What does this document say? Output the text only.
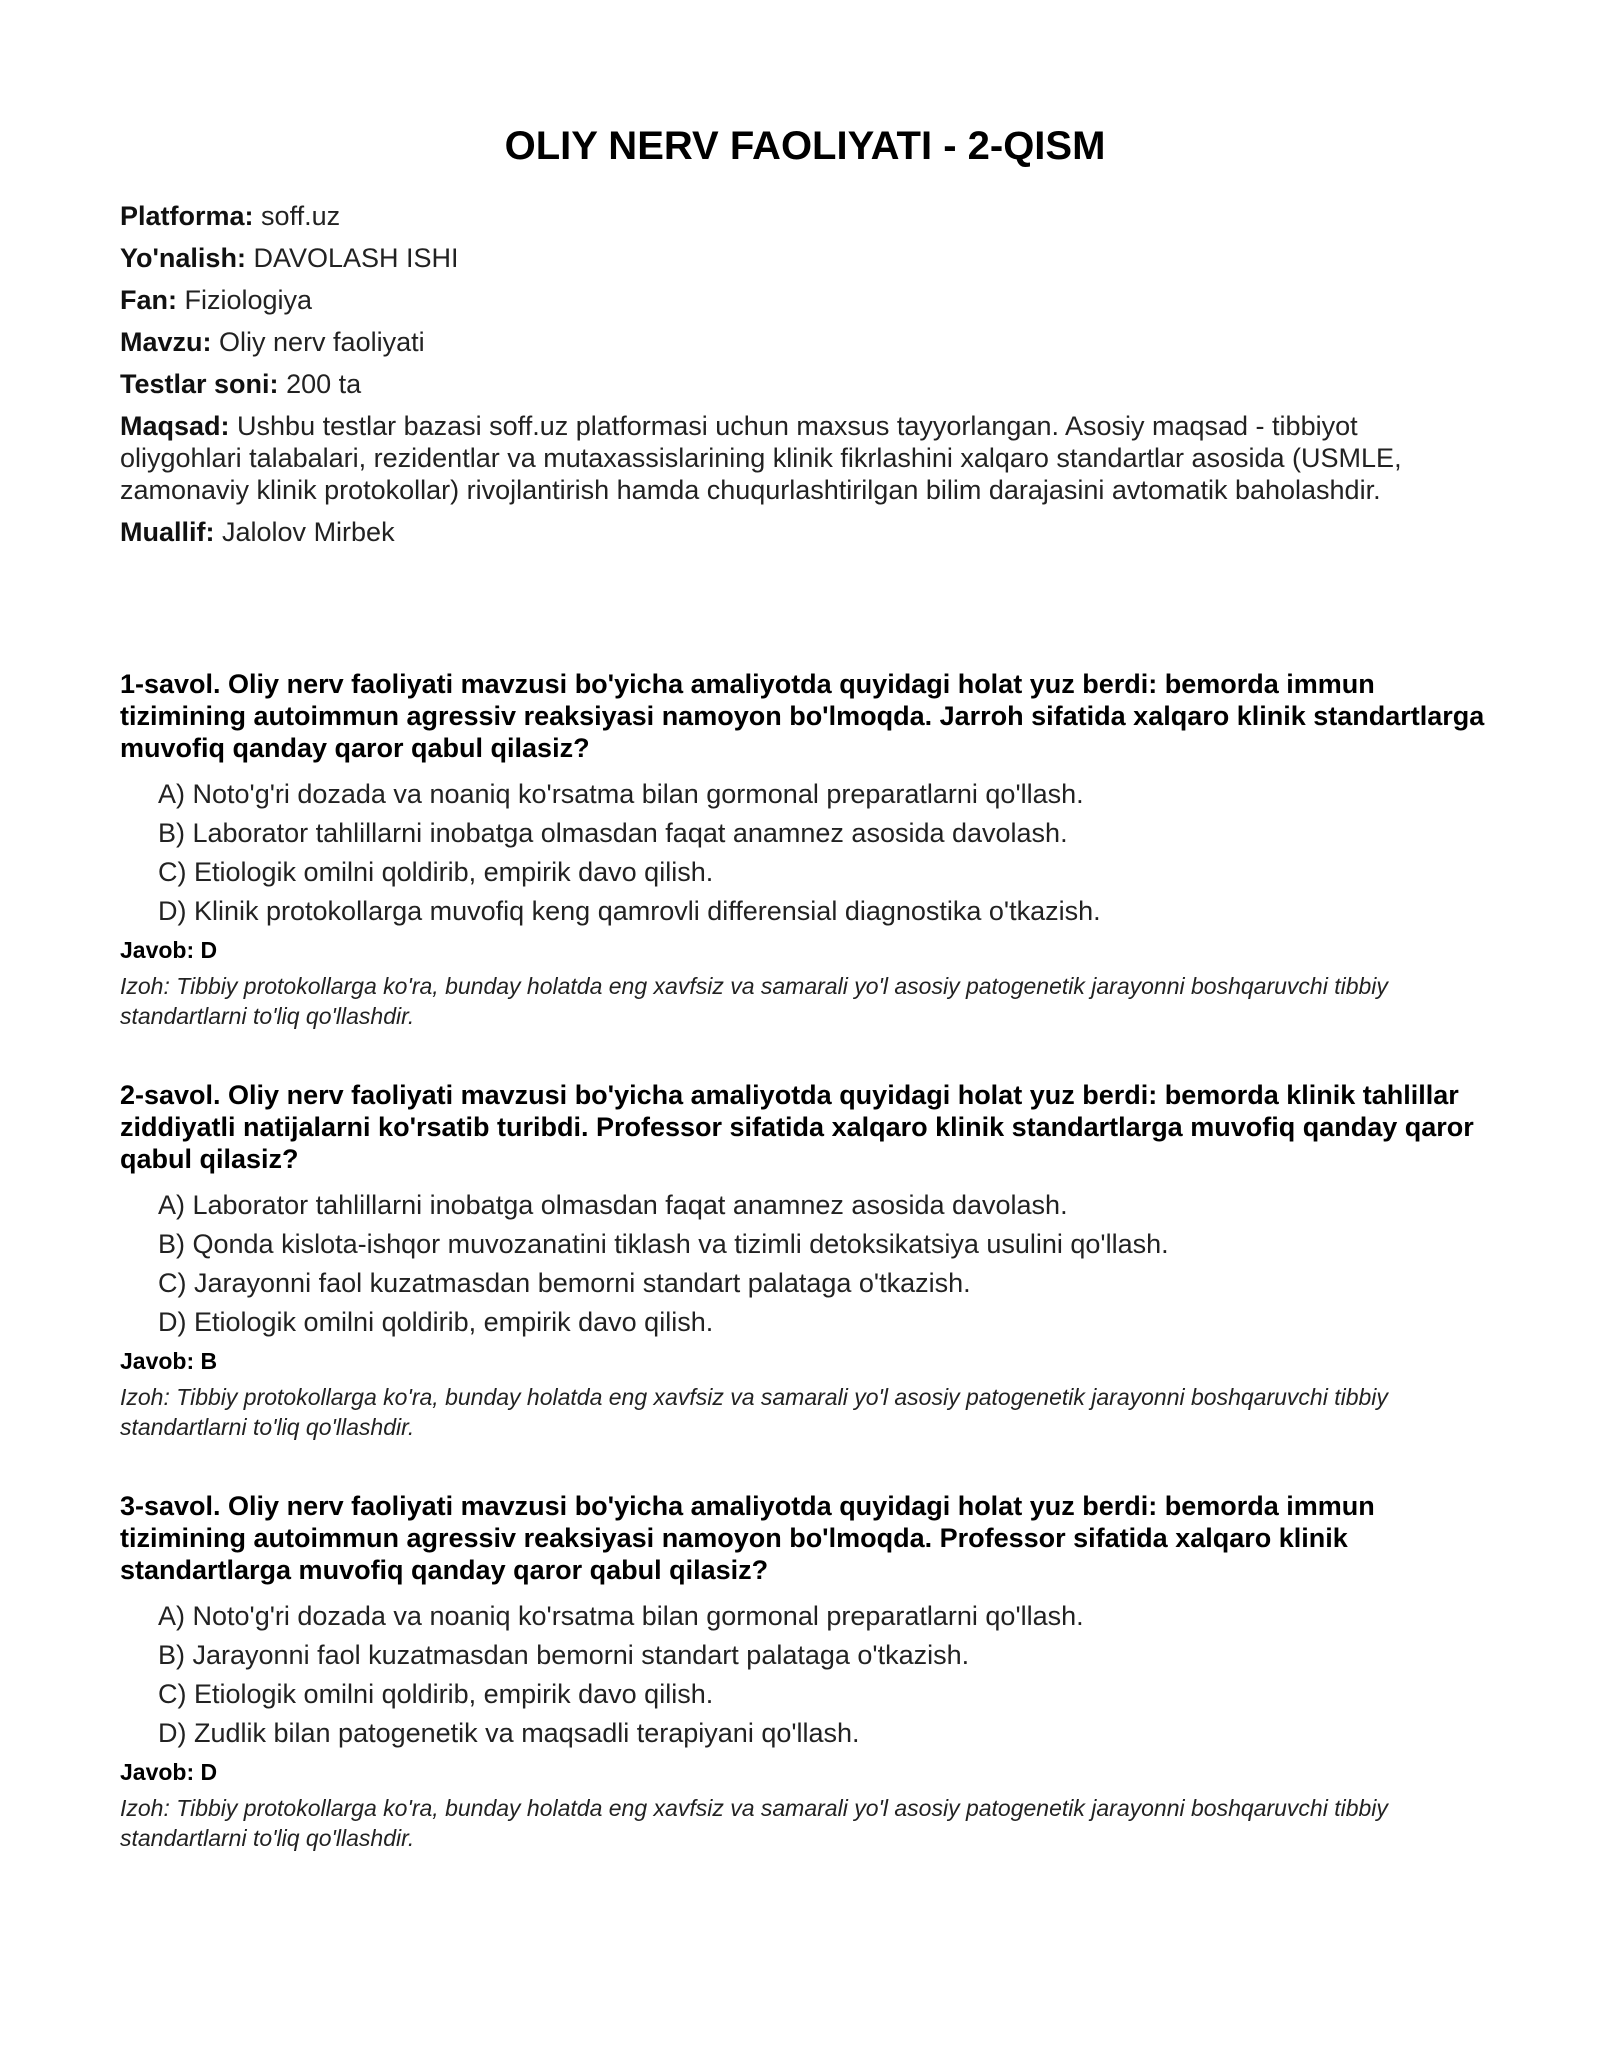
OLIY NERV FAOLIYATI - 2-QISM

Platforma: soff.uz

Yo'nalish: DAVOLASH ISHI

Fan: Fiziologiya

Mavzu: Oliy nerv faoliyati

Testlar soni: 200 ta

Maqsad: Ushbu testlar bazasi soff.uz platformasi uchun maxsus tayyorlangan. Asosiy maqsad - tibbiyot oliygohlari talabalari, rezidentlar va mutaxassislarining klinik fikrlashini xalqaro standartlar asosida (USMLE, zamonaviy klinik protokollar) rivojlantirish hamda chuqurlashtirilgan bilim darajasini avtomatik baholashdir.

Muallif: Jalolov Mirbek

1-savol. Oliy nerv faoliyati mavzusi bo'yicha amaliyotda quyidagi holat yuz berdi: bemorda immun tizimining autoimmun agressiv reaksiyasi namoyon bo'lmoqda. Jarroh sifatida xalqaro klinik standartlarga muvofiq qanday qaror qabul qilasiz?

A) Noto'g'ri dozada va noaniq ko'rsatma bilan gormonal preparatlarni qo'llash.
B) Laborator tahlillarni inobatga olmasdan faqat anamnez asosida davolash.
C) Etiologik omilni qoldirib, empirik davo qilish.
D) Klinik protokollarga muvofiq keng qamrovli differensial diagnostika o'tkazish.

Javob: D

Izoh: Tibbiy protokollarga ko'ra, bunday holatda eng xavfsiz va samarali yo'l asosiy patogenetik jarayonni boshqaruvchi tibbiy standartlarni to'liq qo'llashdir.

2-savol. Oliy nerv faoliyati mavzusi bo'yicha amaliyotda quyidagi holat yuz berdi: bemorda klinik tahlillar ziddiyatli natijalarni ko'rsatib turibdi. Professor sifatida xalqaro klinik standartlarga muvofiq qanday qaror qabul qilasiz?

A) Laborator tahlillarni inobatga olmasdan faqat anamnez asosida davolash.
B) Qonda kislota-ishqor muvozanatini tiklash va tizimli detoksikatsiya usulini qo'llash.
C) Jarayonni faol kuzatmasdan bemorni standart palataga o'tkazish.
D) Etiologik omilni qoldirib, empirik davo qilish.

Javob: B

Izoh: Tibbiy protokollarga ko'ra, bunday holatda eng xavfsiz va samarali yo'l asosiy patogenetik jarayonni boshqaruvchi tibbiy standartlarni to'liq qo'llashdir.

3-savol. Oliy nerv faoliyati mavzusi bo'yicha amaliyotda quyidagi holat yuz berdi: bemorda immun tizimining autoimmun agressiv reaksiyasi namoyon bo'lmoqda. Professor sifatida xalqaro klinik standartlarga muvofiq qanday qaror qabul qilasiz?

A) Noto'g'ri dozada va noaniq ko'rsatma bilan gormonal preparatlarni qo'llash.
B) Jarayonni faol kuzatmasdan bemorni standart palataga o'tkazish.
C) Etiologik omilni qoldirib, empirik davo qilish.
D) Zudlik bilan patogenetik va maqsadli terapiyani qo'llash.

Javob: D

Izoh: Tibbiy protokollarga ko'ra, bunday holatda eng xavfsiz va samarali yo'l asosiy patogenetik jarayonni boshqaruvchi tibbiy standartlarni to'liq qo'llashdir.
